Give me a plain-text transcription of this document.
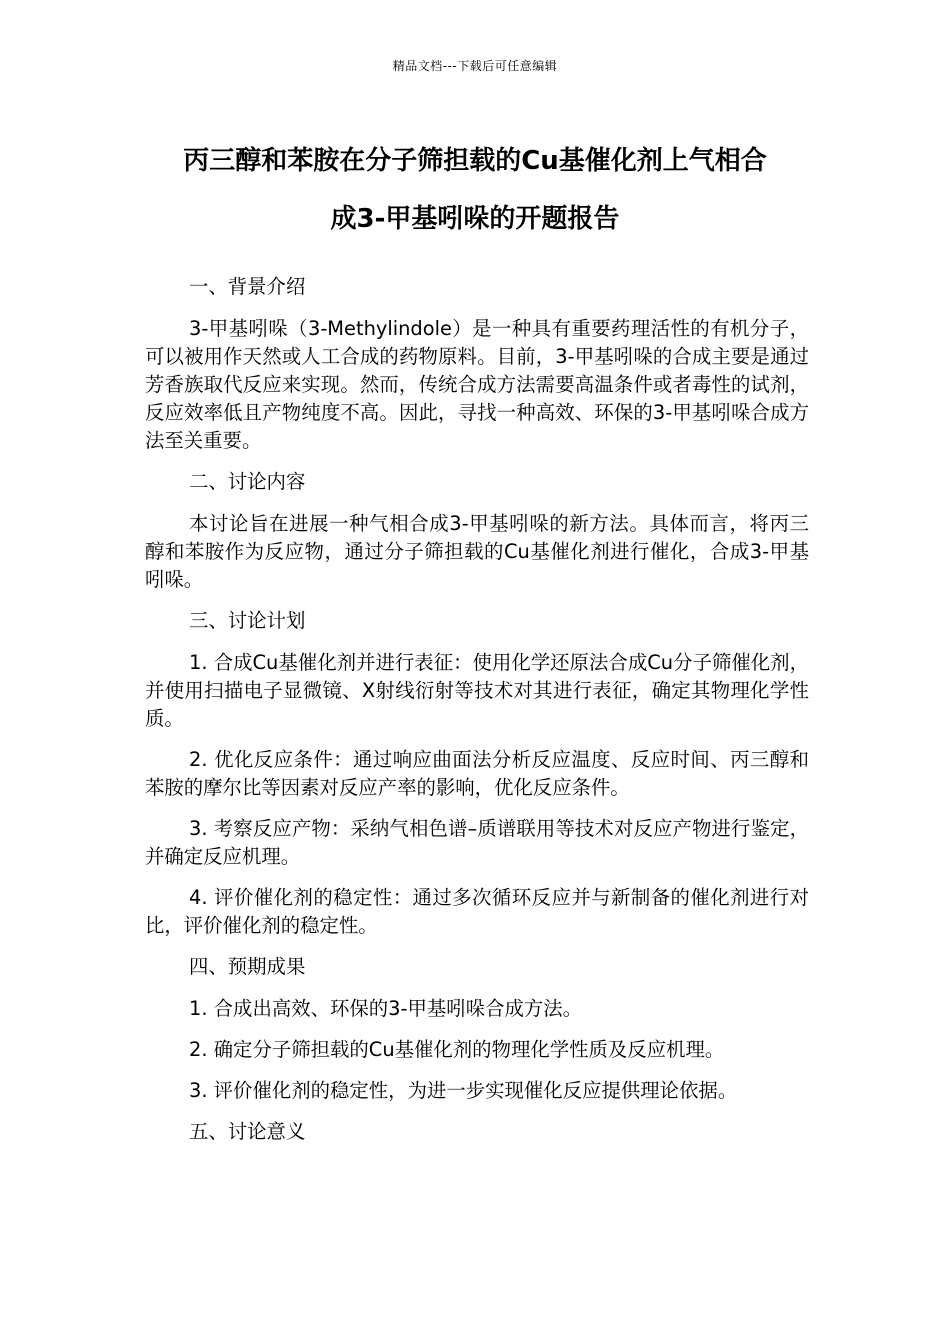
精品文档---下载后可任意编辑
丙三醇和苯胺在分子筛担载的Cu基催化剂上气相合
成3-甲基吲哚的开题报告

一、背景介绍

3-甲基吲哚（3-Methylindole）是一种具有重要药理活性的有机分子，可以被用作天然或人工合成的药物原料。目前，3-甲基吲哚的合成主要是通过芳香族取代反应来实现。然而，传统合成方法需要高温条件或者毒性的试剂，反应效率低且产物纯度不高。因此，寻找一种高效、环保的3-甲基吲哚合成方法至关重要。

二、讨论内容

本讨论旨在进展一种气相合成3-甲基吲哚的新方法。具体而言，将丙三醇和苯胺作为反应物，通过分子筛担载的Cu基催化剂进行催化，合成3-甲基吲哚。

三、讨论计划

1. 合成Cu基催化剂并进行表征：使用化学还原法合成Cu分子筛催化剂，并使用扫描电子显微镜、X射线衍射等技术对其进行表征，确定其物理化学性质。

2. 优化反应条件：通过响应曲面法分析反应温度、反应时间、丙三醇和苯胺的摩尔比等因素对反应产率的影响，优化反应条件。

3. 考察反应产物：采纳气相色谱–质谱联用等技术对反应产物进行鉴定，并确定反应机理。

4. 评价催化剂的稳定性：通过多次循环反应并与新制备的催化剂进行对比，评价催化剂的稳定性。

四、预期成果

1. 合成出高效、环保的3-甲基吲哚合成方法。

2. 确定分子筛担载的Cu基催化剂的物理化学性质及反应机理。

3. 评价催化剂的稳定性，为进一步实现催化反应提供理论依据。

五、讨论意义
